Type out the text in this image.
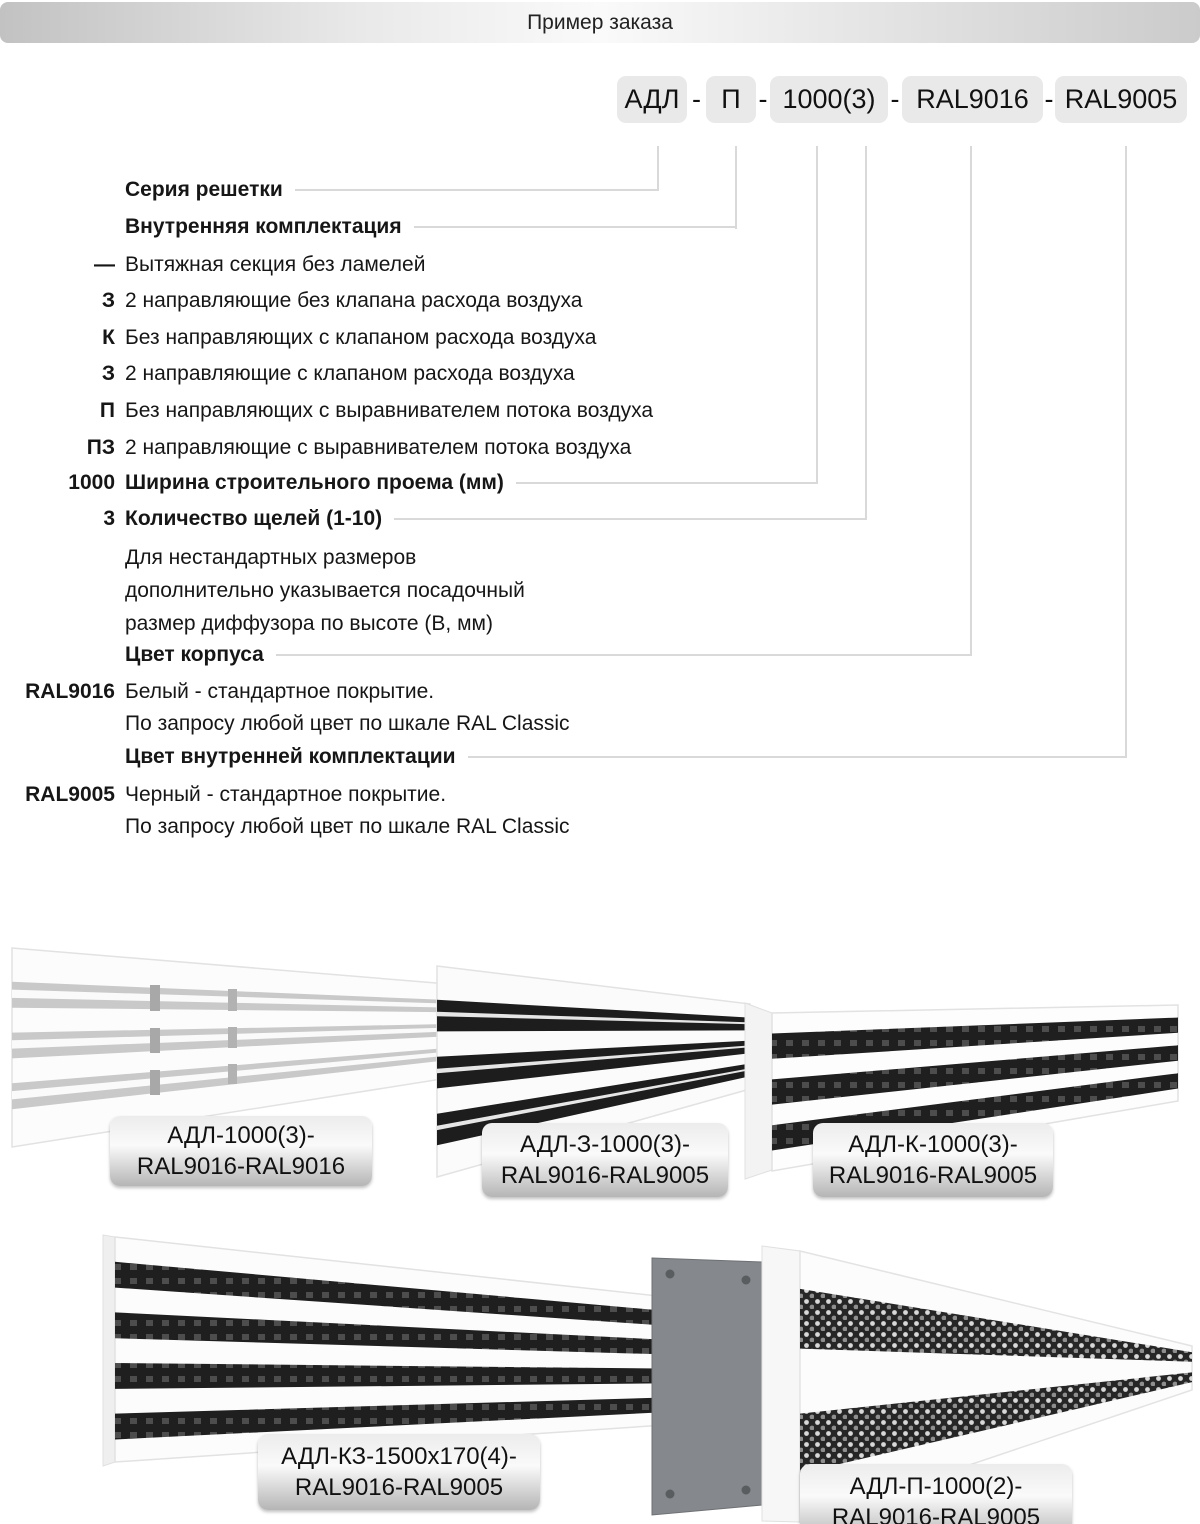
Пример заказа
АДЛ - П - 1000(3) - RAL9016 - RAL9005
Серия решетки
Внутренняя комплектация
— Вытяжная секция без ламелей
З 2 направляющие без клапана расхода воздуха
К Без направляющих с клапаном расхода воздуха
З 2 направляющие с клапаном расхода воздуха
П Без направляющих с выравнивателем потока воздуха
ПЗ 2 направляющие с выравнивателем потока воздуха
1000 Ширина строительного проема (мм)
3 Количество щелей (1-10)
Для нестандартных размеров
дополнительно указывается посадочный
размер диффузора по высоте (В, мм)
Цвет корпуса
RAL9016 Белый - стандартное покрытие.
По запросу любой цвет по шкале RAL Classic
Цвет внутренней комплектации
RAL9005 Черный - стандартное покрытие.
По запросу любой цвет по шкале RAL Classic
АДЛ-1000(3)-
RAL9016-RAL9016
АДЛ-З-1000(3)-
RAL9016-RAL9005
АДЛ-К-1000(3)-
RAL9016-RAL9005
АДЛ-КЗ-1500х170(4)-
RAL9016-RAL9005	АДЛ-П-1000(2)-
RAL9016-RAL9005
